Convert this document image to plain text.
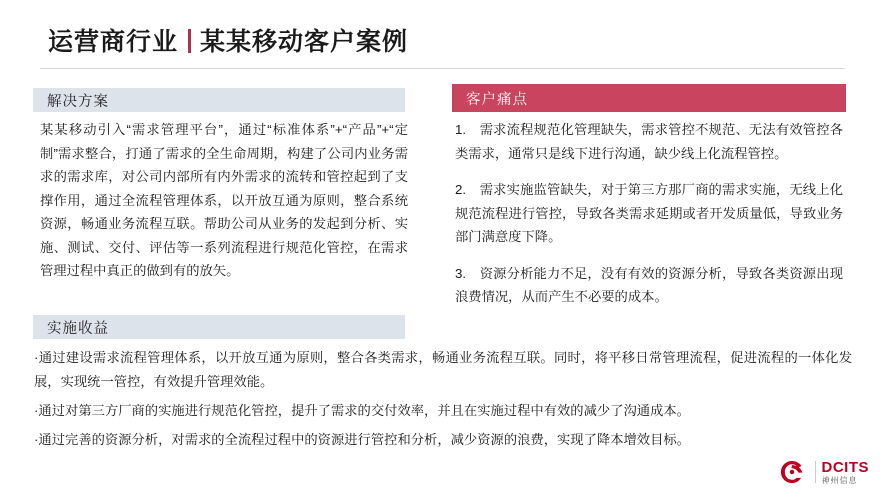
运营商行业 某某移动客户案例
解决方案
某某移动引入“需求管理平台”，通过“标准体系”+“产品”+“定制”需求整合，打通了需求的全生命周期，构建了公司内业务需求的需求库，对公司内部所有内外需求的流转和管控起到了支撑作用，通过全流程管理体系，以开放互通为原则，整合系统资源，畅通业务流程互联。帮助公司从业务的发起到分析、实施、测试、交付、评估等一系列流程进行规范化管控，在需求管理过程中真正的做到有的放矢。
客户痛点
1.　需求流程规范化管理缺失，需求管控不规范、无法有效管控各类需求，通常只是线下进行沟通，缺少线上化流程管控。
2.　需求实施监管缺失，对于第三方那厂商的需求实施，无线上化规范流程进行管控，导致各类需求延期或者开发质量低，导致业务部门满意度下降。
3.　资源分析能力不足，没有有效的资源分析，导致各类资源出现浪费情况，从而产生不必要的成本。
实施收益
·通过建设需求流程管理体系，以开放互通为原则，整合各类需求，畅通业务流程互联。同时，将平移日常管理流程，促进流程的一体化发展，实现统一管控，有效提升管理效能。
·通过对第三方厂商的实施进行规范化管控，提升了需求的交付效率，并且在实施过程中有效的减少了沟通成本。
·通过完善的资源分析，对需求的全流程过程中的资源进行管控和分析，减少资源的浪费，实现了降本增效目标。
DCITS
神州信息
